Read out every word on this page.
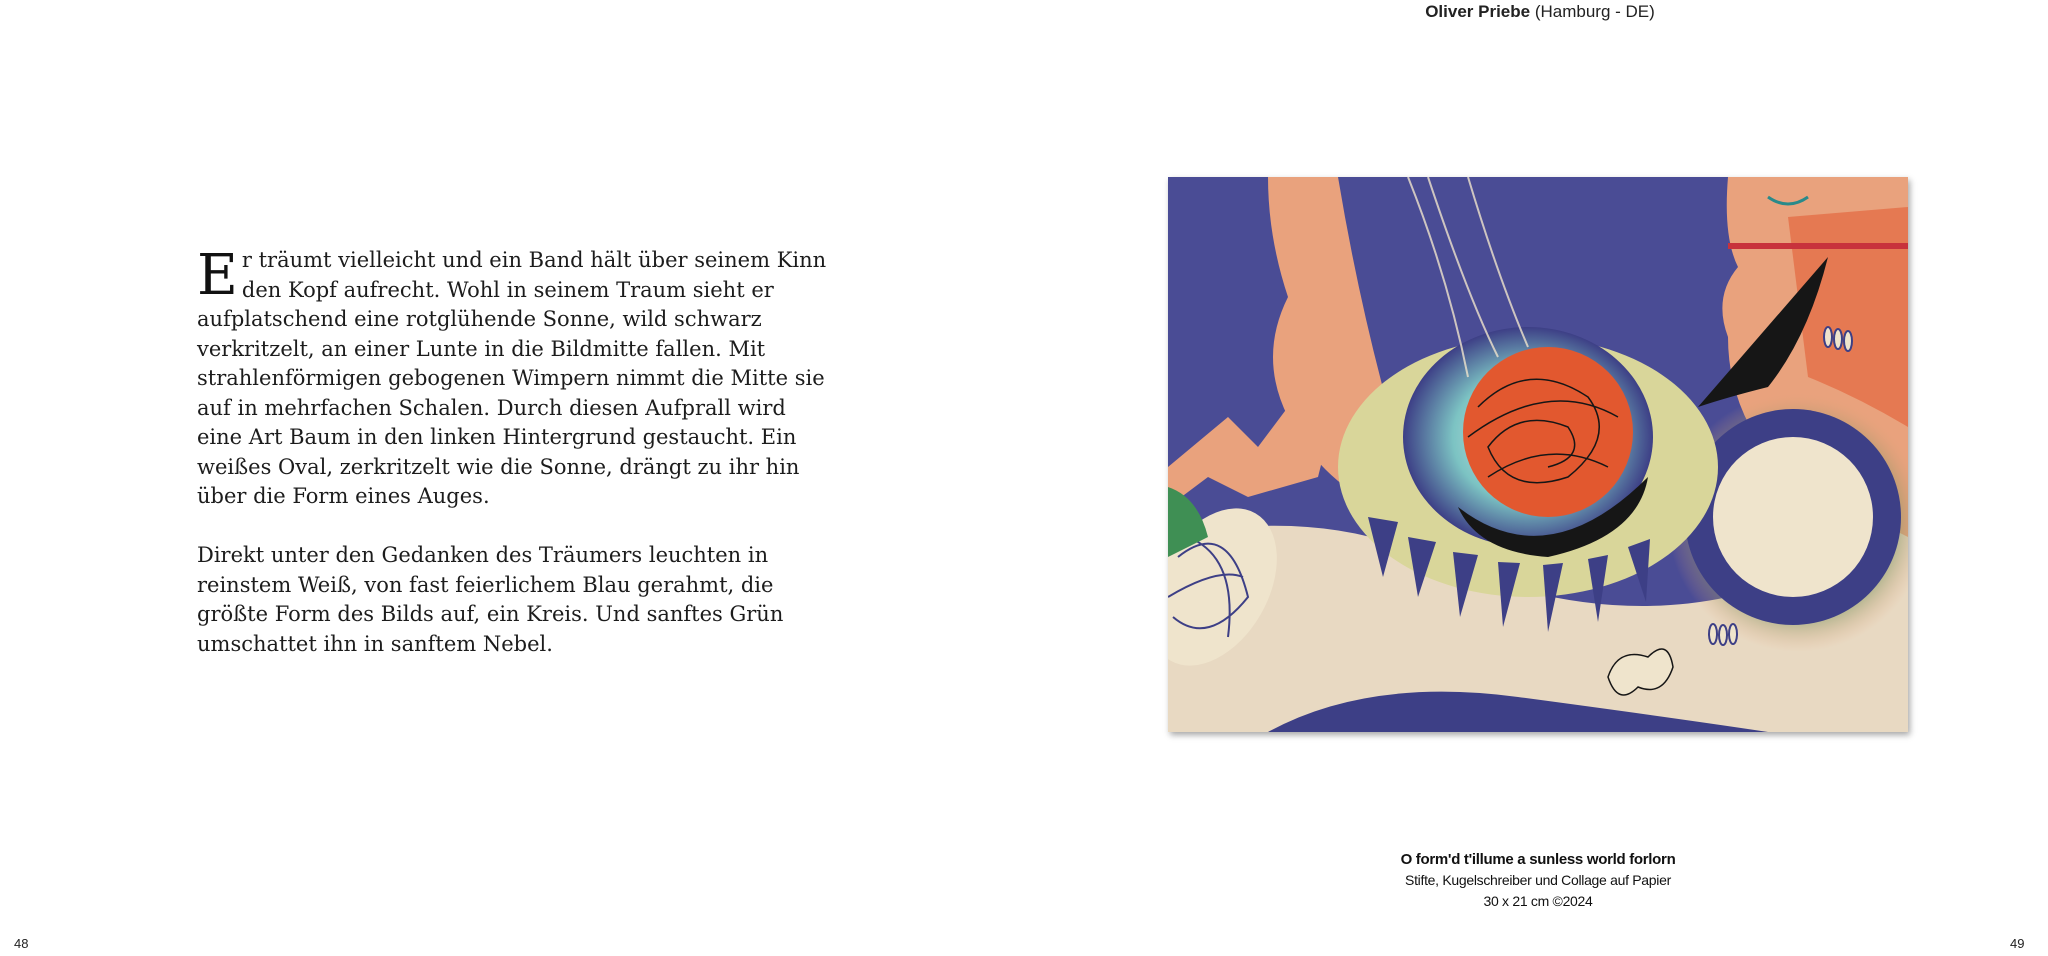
Oliver Priebe (Hamburg - DE)

Er träumt vielleicht und ein Band hält über seinem Kinn den Kopf aufrecht. Wohl in seinem Traum sieht er aufplatschend eine rotglühende Sonne, wild schwarz verkritzelt, an einer Lunte in die Bildmitte fallen. Mit strahlenförmigen gebogenen Wimpern nimmt die Mitte sie auf in mehrfachen Schalen. Durch diesen Aufprall wird eine Art Baum in den linken Hintergrund gestaucht. Ein weißes Oval, zerkritzelt wie die Sonne, drängt zu ihr hin über die Form eines Auges.

Direkt unter den Gedanken des Träumers leuchten in reinstem Weiß, von fast feierlichem Blau gerahmt, die größte Form des Bilds auf, ein Kreis. Und sanftes Grün umschattet ihn in sanftem Nebel.

O form'd t'illume a sunless world forlorn
Stifte, Kugelschreiber und Collage auf Papier
30 x 21 cm ©2024
48	49
